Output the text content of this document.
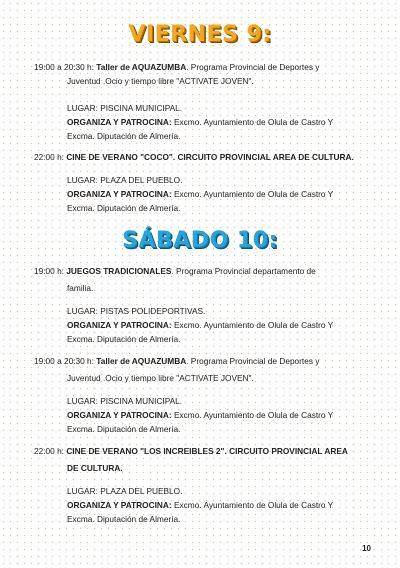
VIERNES 9:

19:00 a 20:30 h: Taller de AQUAZUMBA. Programa Provincial de Deportes y

Juventud .Ocio y tiempo libre "ACTIVATE JOVEN".

LUGAR: PISCINA MUNICIPAL.

ORGANIZA Y PATROCINA: Excmo. Ayuntamiento de Olula de Castro Y

Excma. Diputación de Almería.

22:00 h: CINE DE VERANO "COCO". CIRCUITO PROVINCIAL AREA DE CULTURA.

LUGAR: PLAZA DEL PUEBLO.

ORGANIZA Y PATROCINA: Excmo. Ayuntamiento de Olula de Castro Y

Excma. Diputación de Almería.

SÁBADO 10:

19:00 h: JUEGOS TRADICIONALES. Programa Provincial departamento de

familia.

LUGAR: PISTAS POLIDEPORTIVAS.

ORGANIZA Y PATROCINA: Excmo. Ayuntamiento de Olula de Castro Y

Excma. Diputación de Almería.

19:00 a 20:30 h: Taller de AQUAZUMBA. Programa Provincial de Deportes y

Juventud .Ocio y tiempo libre "ACTIVATE JOVEN".

LUGAR: PISCINA MUNICIPAL.

ORGANIZA Y PATROCINA: Excmo. Ayuntamiento de Olula de Castro Y

Excma. Diputación de Almería.

22:00 h: CINE DE VERANO "LOS INCREIBLES 2". CIRCUITO PROVINCIAL AREA

DE CULTURA.

LUGAR: PLAZA DEL PUEBLO.

ORGANIZA Y PATROCINA: Excmo. Ayuntamiento de Olula de Castro Y

Excma. Diputación de Almería.

10
